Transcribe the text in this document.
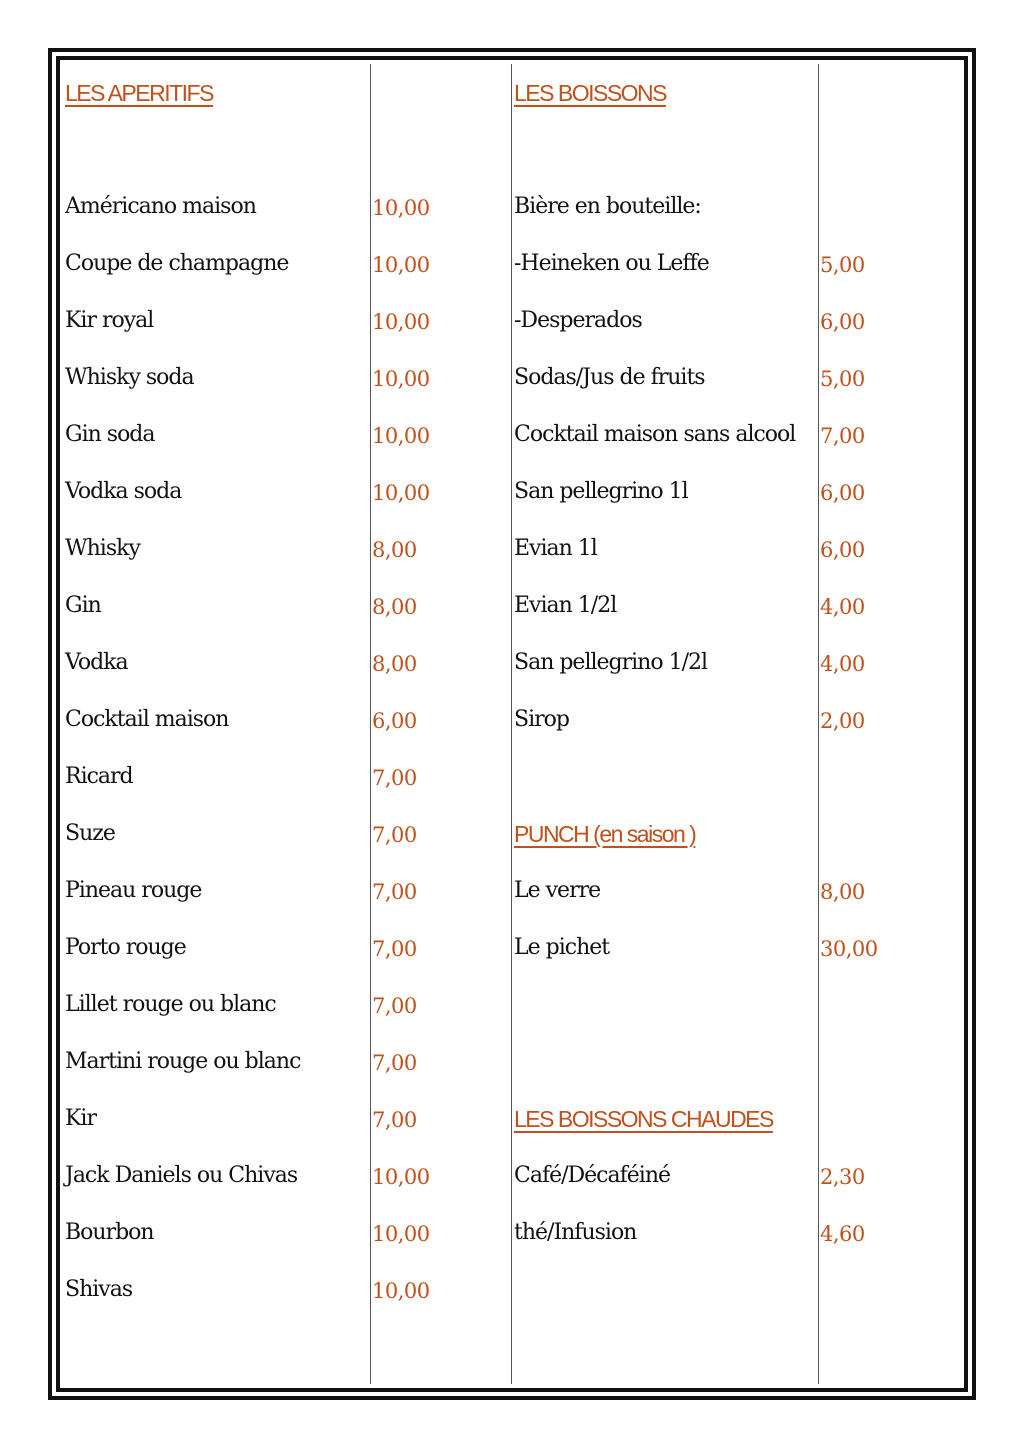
LES APERITIFS
Américano maison	10,00
Coupe de champagne	10,00
Kir royal	10,00
Whisky soda	10,00
Gin soda	10,00
Vodka soda	10,00
Whisky	8,00
Gin	8,00
Vodka	8,00
Cocktail maison	6,00
Ricard	7,00
Suze	7,00
Pineau rouge	7,00
Porto rouge	7,00
Lillet rouge ou blanc	7,00
Martini rouge ou blanc	7,00
Kir	7,00
Jack Daniels ou Chivas	10,00
Bourbon	10,00
Shivas	10,00
LES BOISSONS
Bière en bouteille:
-Heineken ou Leffe	5,00
-Desperados	6,00
Sodas/Jus de fruits	5,00
Cocktail maison sans alcool 7,00
San pellegrino 1l	6,00
Evian 1l	6,00
Evian 1/2l	4,00
San pellegrino 1/2l	4,00
Sirop	2,00
PUNCH (en saison )
Le verre	8,00
Le pichet	30,00
LES BOISSONS CHAUDES
Café/Décaféiné	2,30
thé/Infusion	4,60
